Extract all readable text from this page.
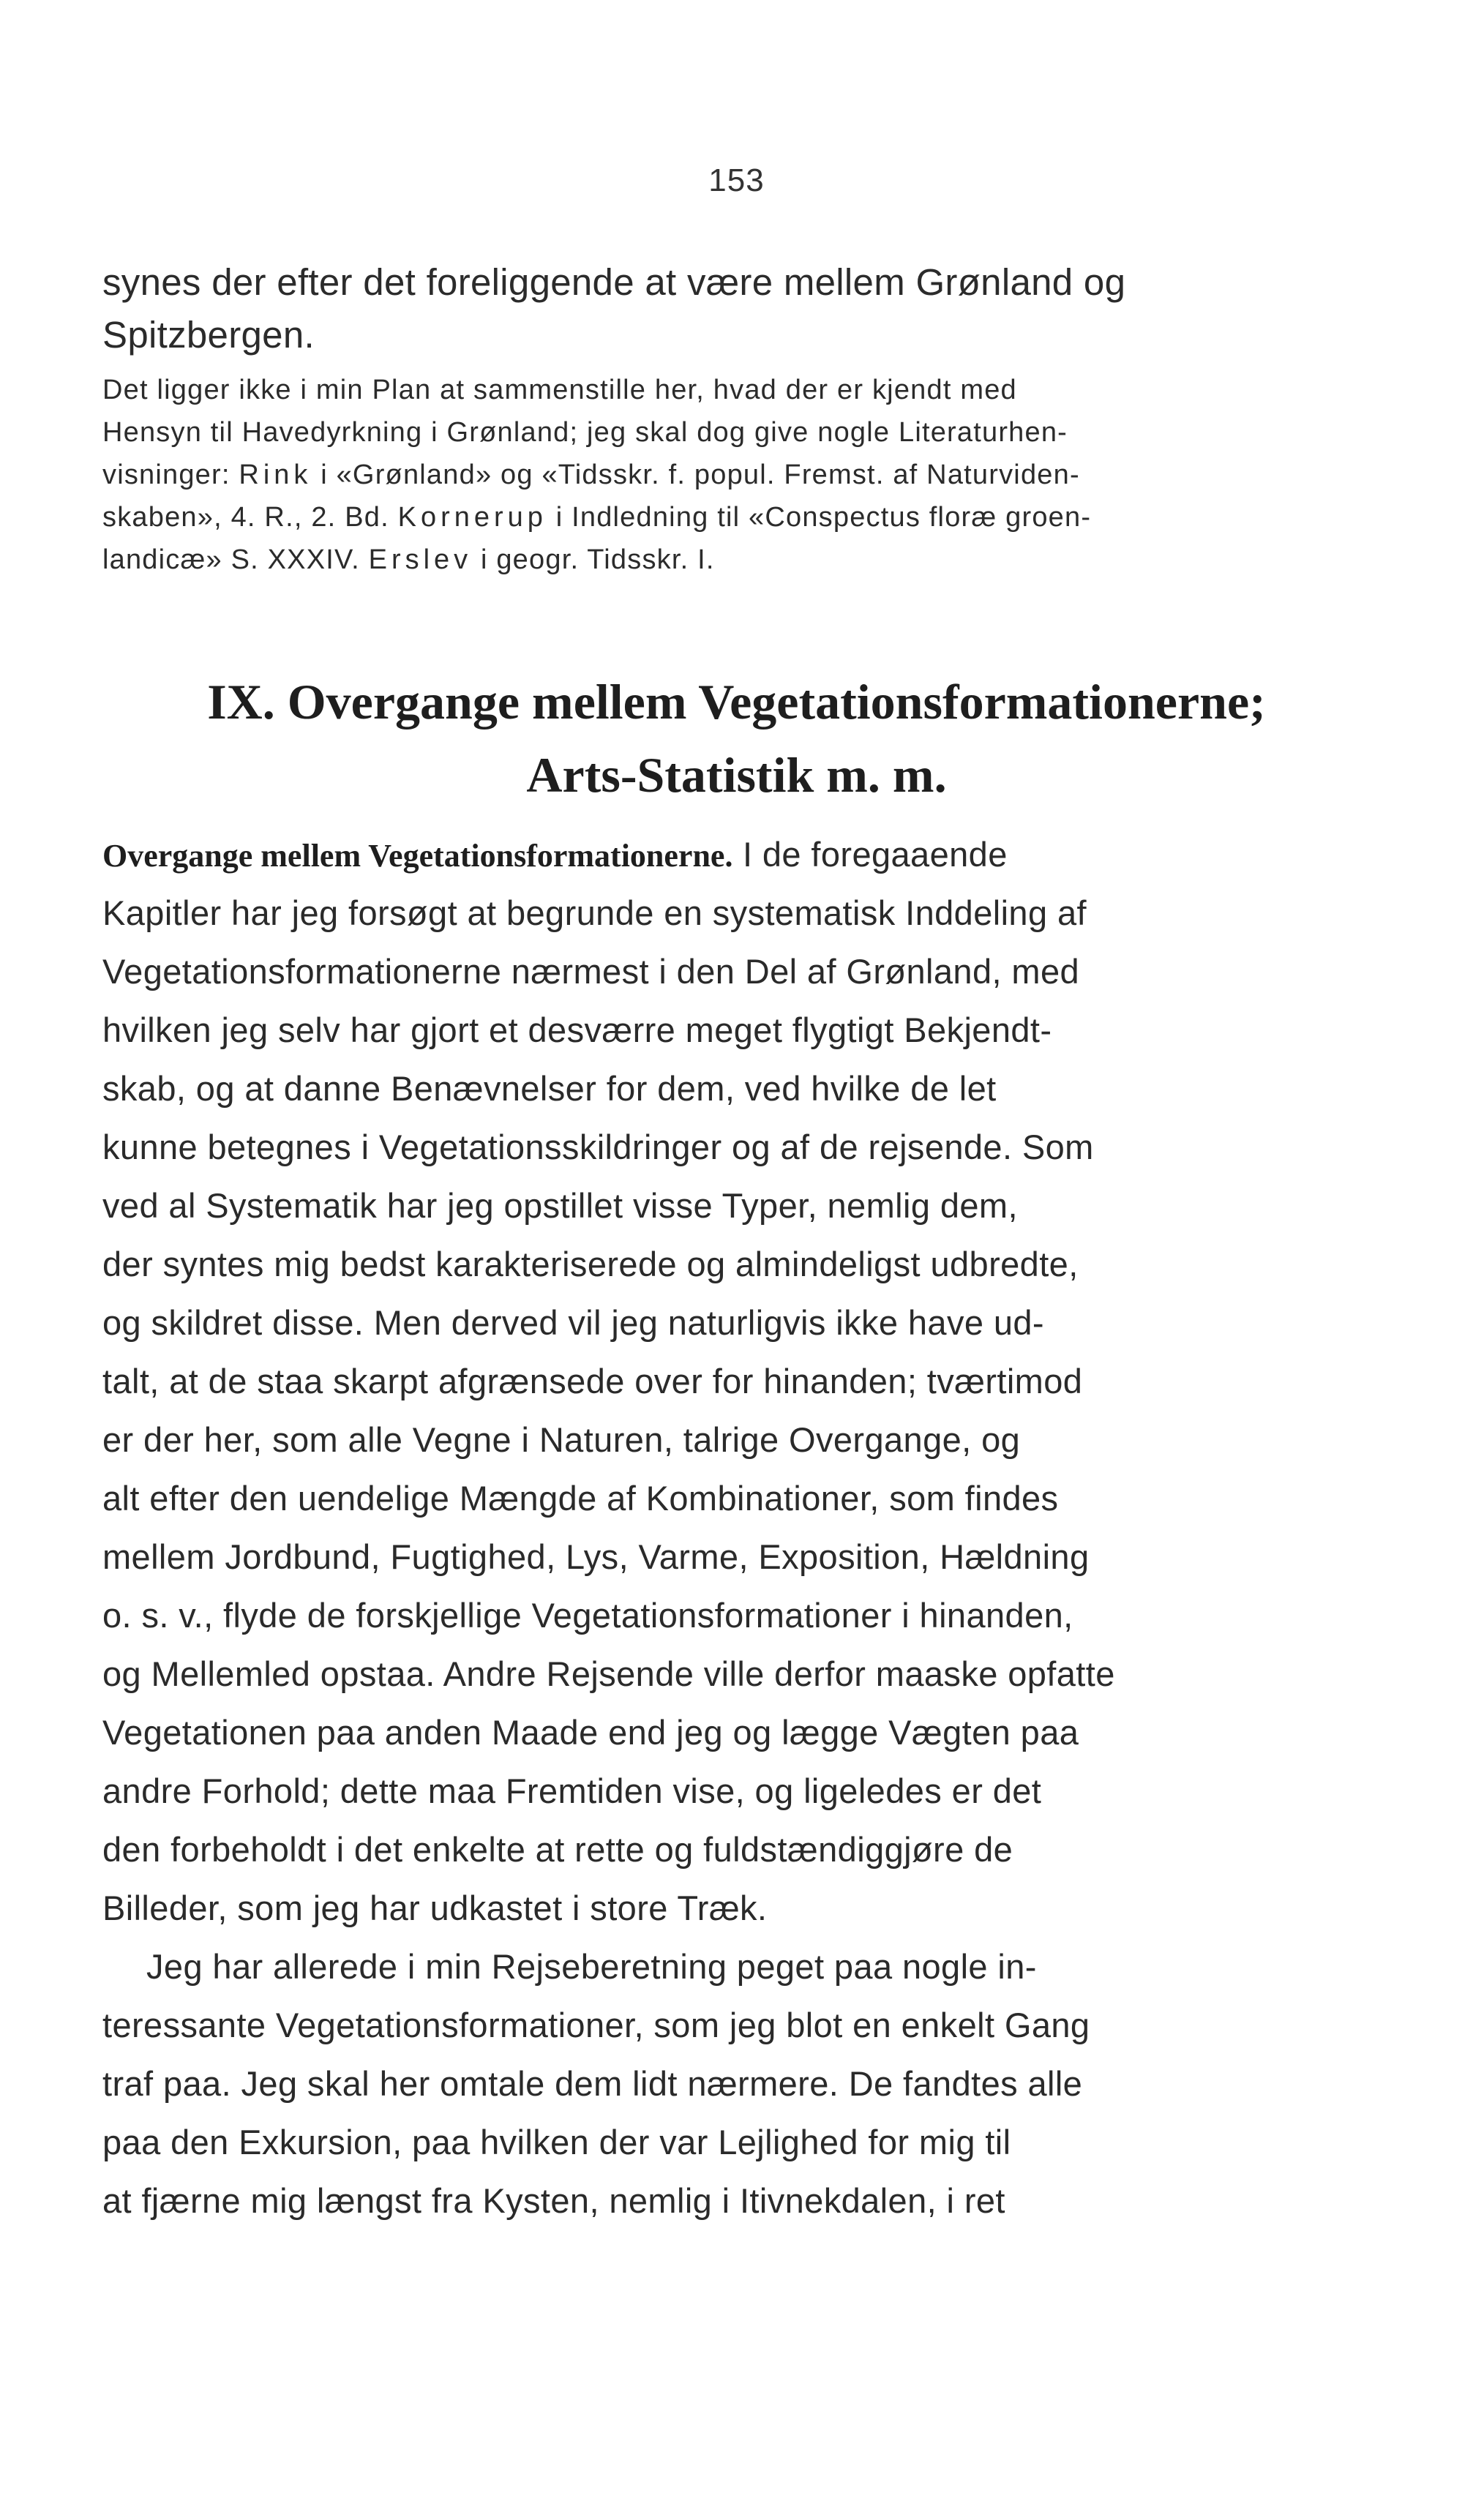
153

synes der efter det foreliggende at være mellem Grønland og

Spitzbergen.

Det ligger ikke i min Plan at sammenstille her, hvad der er kjendt med

Hensyn til Havedyrkning i Grønland; jeg skal dog give nogle Literaturhen-

visninger: Rink i «Grønland» og «Tidsskr. f. popul. Fremst. af Naturviden-

skaben», 4. R., 2. Bd. Kornerup i Indledning til «Conspectus floræ groen-

landicæ» S. XXXIV. Erslev i geogr. Tidsskr. I.

IX. Overgange mellem Vegetationsformationerne;
Arts-Statistik m. m.

Overgange mellem Vegetationsformationerne. I de foregaaende

Kapitler har jeg forsøgt at begrunde en systematisk Inddeling af

Vegetationsformationerne nærmest i den Del af Grønland, med

hvilken jeg selv har gjort et desværre meget flygtigt Bekjendt-

skab, og at danne Benævnelser for dem, ved hvilke de let

kunne betegnes i Vegetationsskildringer og af de rejsende. Som

ved al Systematik har jeg opstillet visse Typer, nemlig dem,

der syntes mig bedst karakteriserede og almindeligst udbredte,

og skildret disse. Men derved vil jeg naturligvis ikke have ud-

talt, at de staa skarpt afgrænsede over for hinanden; tværtimod

er der her, som alle Vegne i Naturen, talrige Overgange, og

alt efter den uendelige Mængde af Kombinationer, som findes

mellem Jordbund, Fugtighed, Lys, Varme, Exposition, Hældning

o. s. v., flyde de forskjellige Vegetationsformationer i hinanden,

og Mellemled opstaa. Andre Rejsende ville derfor maaske opfatte

Vegetationen paa anden Maade end jeg og lægge Vægten paa

andre Forhold; dette maa Fremtiden vise, og ligeledes er det

den forbeholdt i det enkelte at rette og fuldstændiggjøre de

Billeder, som jeg har udkastet i store Træk.

Jeg har allerede i min Rejseberetning peget paa nogle in-

teressante Vegetationsformationer, som jeg blot en enkelt Gang

traf paa. Jeg skal her omtale dem lidt nærmere. De fandtes alle

paa den Exkursion, paa hvilken der var Lejlighed for mig til

at fjærne mig længst fra Kysten, nemlig i Itivnekdalen, i ret
